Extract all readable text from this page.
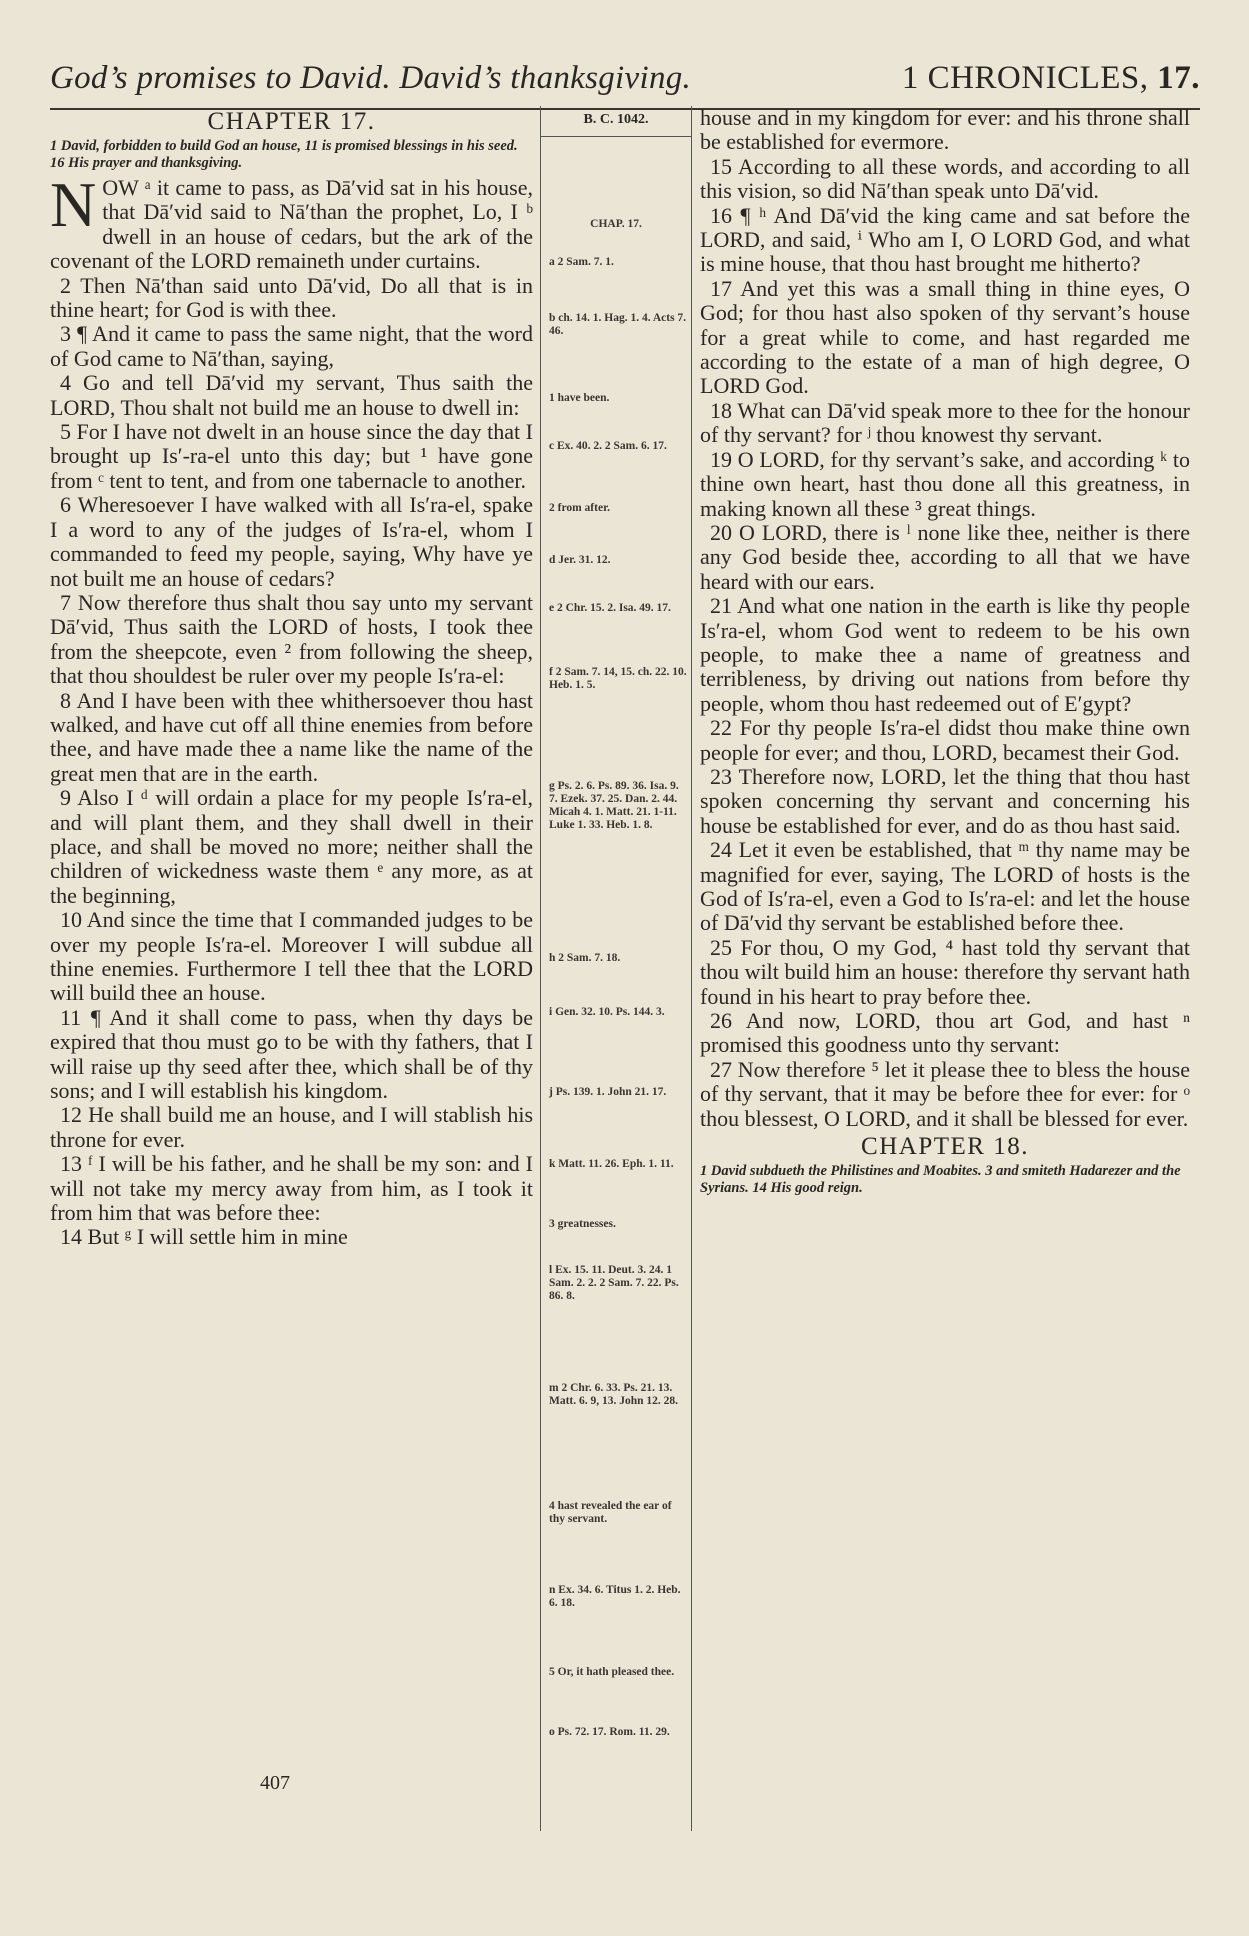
God’s promises to David. David’s thanksgiving.	1 CHRONICLES, 17.
CHAPTER 17.
1 David, forbidden to build God an house, 11 is promised blessings in his seed. 16 His prayer and thanksgiving.

NOW ᵃ it came to pass, as Dā′vid sat in his house, that Dā′vid said to Nā′than the prophet, Lo, I ᵇ dwell in an house of cedars, but the ark of the covenant of the LORD remaineth under curtains.

2 Then Nā′than said unto Dā′vid, Do all that is in thine heart; for God is with thee.

3 ¶ And it came to pass the same night, that the word of God came to Nā′than, saying,

4 Go and tell Dā′vid my servant, Thus saith the LORD, Thou shalt not build me an house to dwell in:

5 For I have not dwelt in an house since the day that I brought up Is′-ra-el unto this day; but ¹ have gone from ᶜ tent to tent, and from one tabernacle to another.

6 Wheresoever I have walked with all Is′ra-el, spake I a word to any of the judges of Is′ra-el, whom I commanded to feed my people, saying, Why have ye not built me an house of cedars?

7 Now therefore thus shalt thou say unto my servant Dā′vid, Thus saith the LORD of hosts, I took thee from the sheepcote, even ² from following the sheep, that thou shouldest be ruler over my people Is′ra-el:

8 And I have been with thee whithersoever thou hast walked, and have cut off all thine enemies from before thee, and have made thee a name like the name of the great men that are in the earth.

9 Also I ᵈ will ordain a place for my people Is′ra-el, and will plant them, and they shall dwell in their place, and shall be moved no more; neither shall the children of wickedness waste them ᵉ any more, as at the beginning,

10 And since the time that I commanded judges to be over my people Is′ra-el. Moreover I will subdue all thine enemies. Furthermore I tell thee that the LORD will build thee an house.

11 ¶ And it shall come to pass, when thy days be expired that thou must go to be with thy fathers, that I will raise up thy seed after thee, which shall be of thy sons; and I will establish his kingdom.

12 He shall build me an house, and I will stablish his throne for ever.

13 ᶠ I will be his father, and he shall be my son: and I will not take my mercy away from him, as I took it from him that was before thee:

14 But ᵍ I will settle him in mine

B. C. 1042.
CHAP. 17.
a 2 Sam. 7. 1.
b ch. 14. 1. Hag. 1. 4. Acts 7. 46.
1 have been.
c Ex. 40. 2. 2 Sam. 6. 17.
2 from after.
d Jer. 31. 12.
e 2 Chr. 15. 2. Isa. 49. 17.
f 2 Sam. 7. 14, 15. ch. 22. 10. Heb. 1. 5.
g Ps. 2. 6. Ps. 89. 36. Isa. 9. 7. Ezek. 37. 25. Dan. 2. 44. Micah 4. 1. Matt. 21. 1-11. Luke 1. 33. Heb. 1. 8.
h 2 Sam. 7. 18.
i Gen. 32. 10. Ps. 144. 3.
j Ps. 139. 1. John 21. 17.
k Matt. 11. 26. Eph. 1. 11.
3 greatnesses.
l Ex. 15. 11. Deut. 3. 24. 1 Sam. 2. 2. 2 Sam. 7. 22. Ps. 86. 8.
m 2 Chr. 6. 33. Ps. 21. 13. Matt. 6. 9, 13. John 12. 28.
4 hast revealed the ear of thy servant.
n Ex. 34. 6. Titus 1. 2. Heb. 6. 18.
5 Or, it hath pleased thee.
o Ps. 72. 17. Rom. 11. 29.

house and in my kingdom for ever: and his throne shall be established for evermore.

15 According to all these words, and according to all this vision, so did Nā′than speak unto Dā′vid.

16 ¶ ʰ And Dā′vid the king came and sat before the LORD, and said, ⁱ Who am I, O LORD God, and what is mine house, that thou hast brought me hitherto?

17 And yet this was a small thing in thine eyes, O God; for thou hast also spoken of thy servant’s house for a great while to come, and hast regarded me according to the estate of a man of high degree, O LORD God.

18 What can Dā′vid speak more to thee for the honour of thy servant? for ʲ thou knowest thy servant.

19 O LORD, for thy servant’s sake, and according ᵏ to thine own heart, hast thou done all this greatness, in making known all these ³ great things.

20 O LORD, there is ˡ none like thee, neither is there any God beside thee, according to all that we have heard with our ears.

21 And what one nation in the earth is like thy people Is′ra-el, whom God went to redeem to be his own people, to make thee a name of greatness and terribleness, by driving out nations from before thy people, whom thou hast redeemed out of E′gypt?

22 For thy people Is′ra-el didst thou make thine own people for ever; and thou, LORD, becamest their God.

23 Therefore now, LORD, let the thing that thou hast spoken concerning thy servant and concerning his house be established for ever, and do as thou hast said.

24 Let it even be established, that ᵐ thy name may be magnified for ever, saying, The LORD of hosts is the God of Is′ra-el, even a God to Is′ra-el: and let the house of Dā′vid thy servant be established before thee.

25 For thou, O my God, ⁴ hast told thy servant that thou wilt build him an house: therefore thy servant hath found in his heart to pray before thee.

26 And now, LORD, thou art God, and hast ⁿ promised this goodness unto thy servant:

27 Now therefore ⁵ let it please thee to bless the house of thy servant, that it may be before thee for ever: for ᵒ thou blessest, O LORD, and it shall be blessed for ever.

CHAPTER 18.
1 David subdueth the Philistines and Moabites. 3 and smiteth Hadarezer and the Syrians. 14 His good reign.
407
